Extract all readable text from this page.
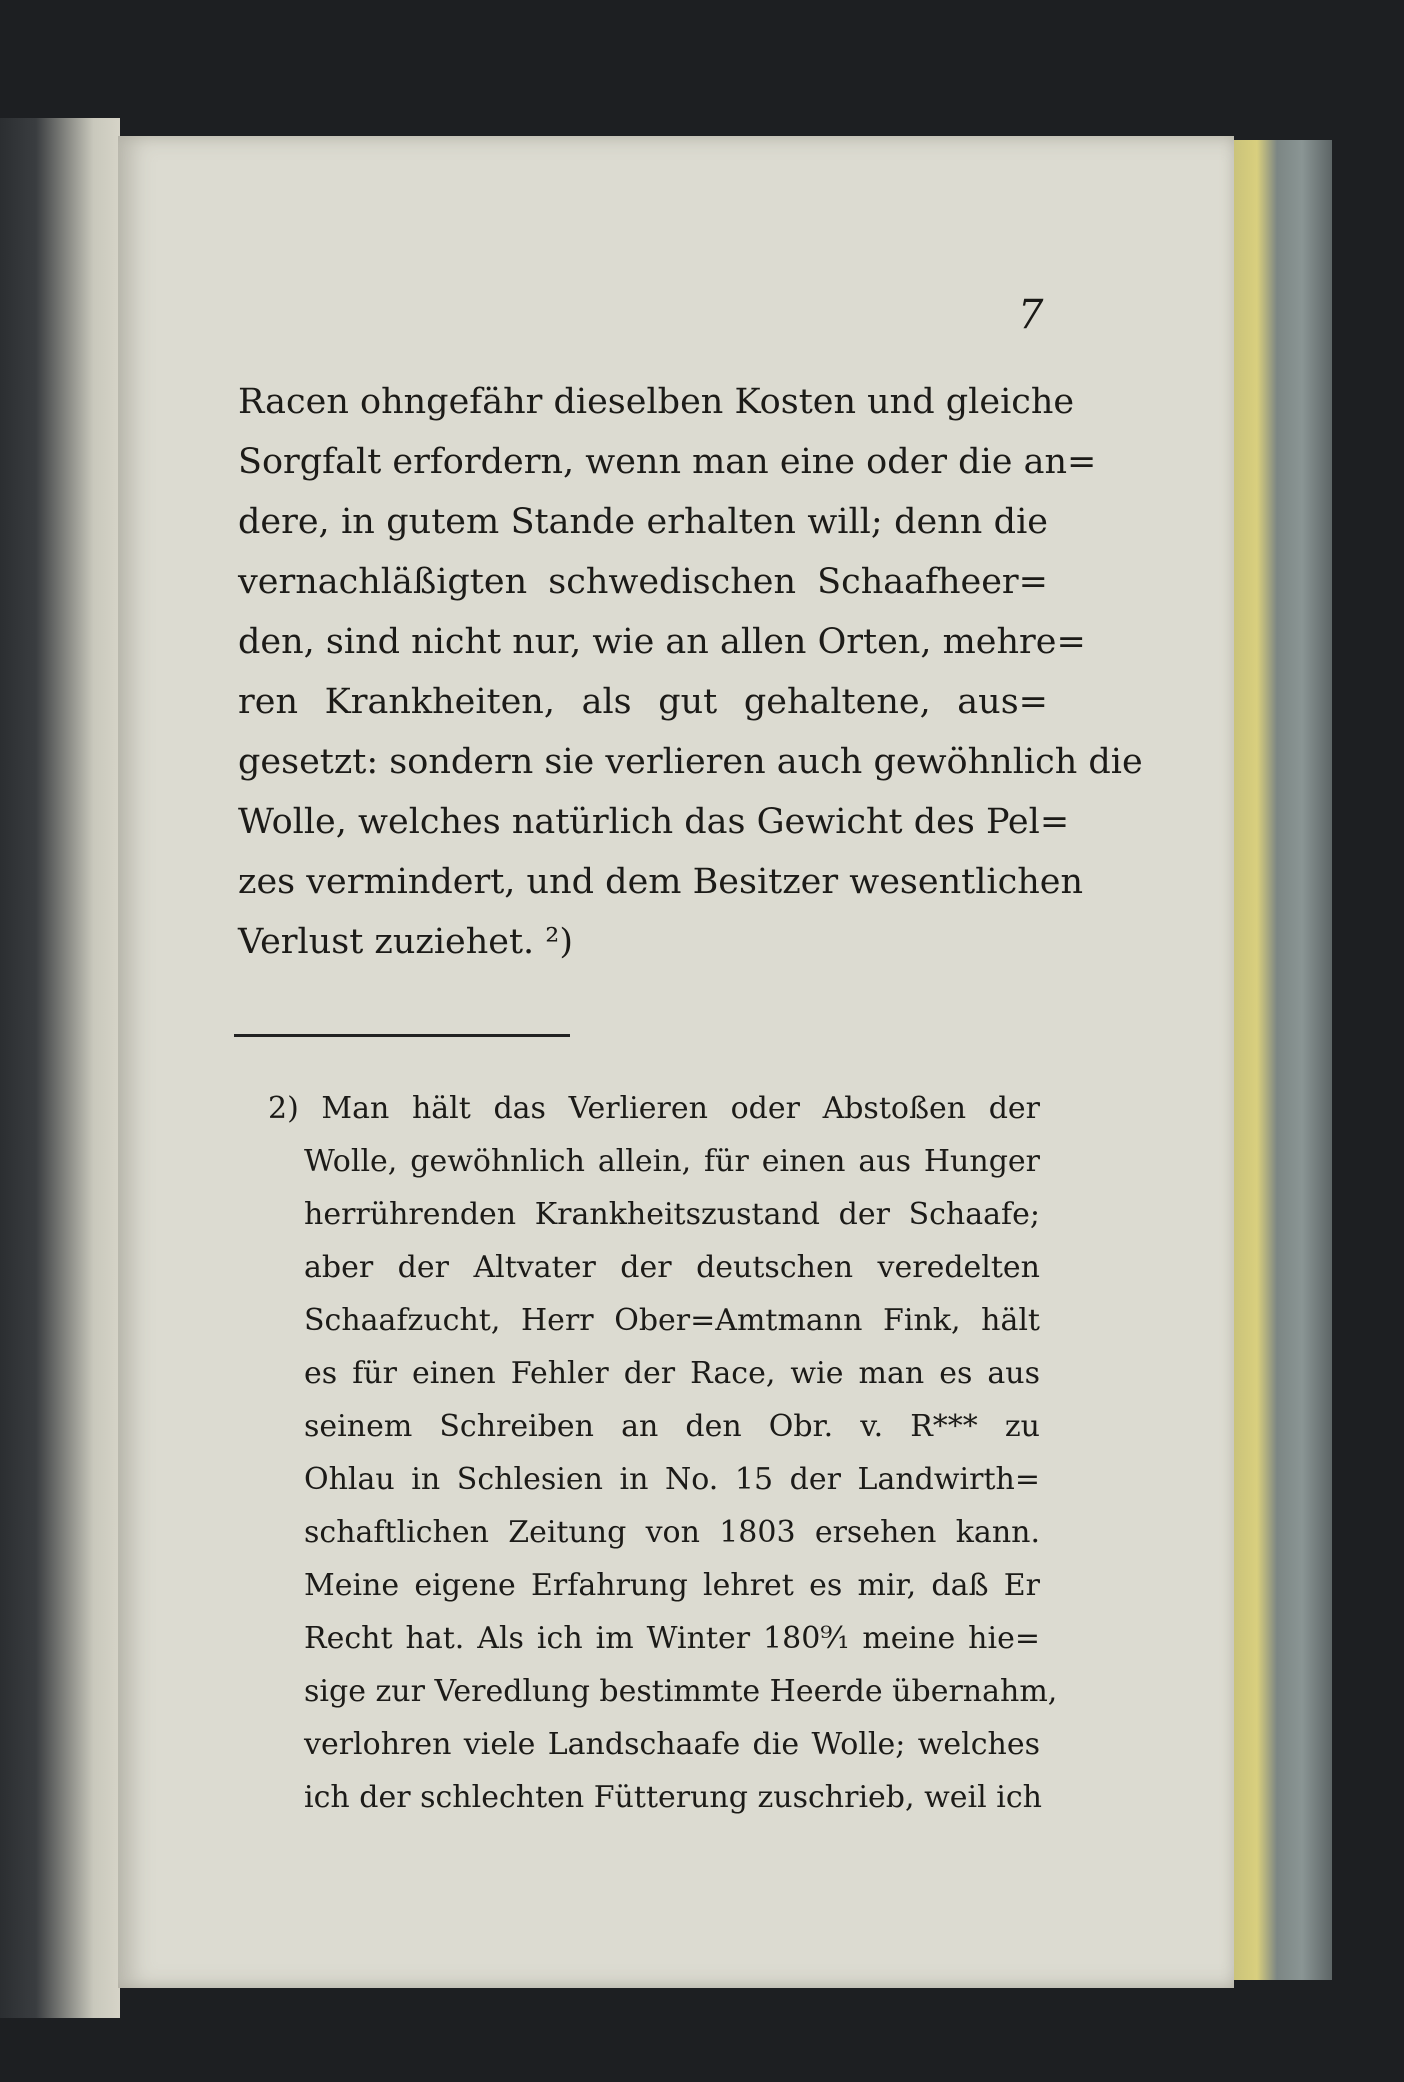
7
Racen ohngefähr dieselben Kosten und gleiche
Sorgfalt erfordern, wenn man eine oder die an=
dere, in gutem Stande erhalten will; denn die
vernachläßigten schwedischen Schaafheer=
den, sind nicht nur, wie an allen Orten, mehre=
ren Krankheiten, als gut gehaltene, aus=
gesetzt: sondern sie verlieren auch gewöhnlich die
Wolle, welches natürlich das Gewicht des Pel=
zes vermindert, und dem Besitzer wesentlichen
Verlust zuziehet. ²)
2) Man hält das Verlieren oder Abstoßen der
Wolle, gewöhnlich allein, für einen aus Hunger
herrührenden Krankheitszustand der Schaafe;
aber der Altvater der deutschen veredelten
Schaafzucht, Herr Ober=Amtmann Fink, hält
es für einen Fehler der Race, wie man es aus
seinem Schreiben an den Obr. v. R*** zu
Ohlau in Schlesien in No. 15 der Landwirth=
schaftlichen Zeitung von 1803 ersehen kann.
Meine eigene Erfahrung lehret es mir, daß Er
Recht hat. Als ich im Winter 180⁹⁄₁ meine hie=
sige zur Veredlung bestimmte Heerde übernahm,
verlohren viele Landschaafe die Wolle; welches
ich der schlechten Fütterung zuschrieb, weil ich
